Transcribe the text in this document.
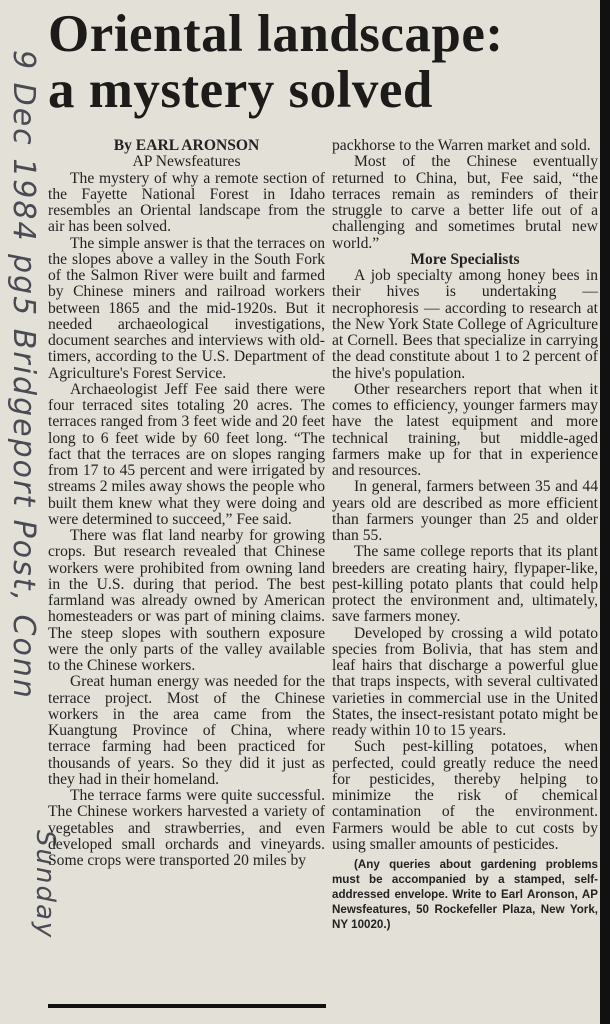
Oriental landscape:
a mystery solved
9 Dec 1984 pg5 Bridgeport Post, Conn
Sunday

By EARL ARONSON

AP Newsfeatures

The mystery of why a remote section of the Fayette National Forest in Idaho resembles an Oriental landscape from the air has been solved.

The simple answer is that the terraces on the slopes above a valley in the South Fork of the Salmon River were built and farmed by Chinese miners and railroad workers between 1865 and the mid-1920s. But it needed archaeological investigations, document searches and interviews with old-timers, according to the U.S. Department of Agriculture's Forest Service.

Archaeologist Jeff Fee said there were four terraced sites totaling 20 acres. The terraces ranged from 3 feet wide and 20 feet long to 6 feet wide by 60 feet long. “The fact that the terraces are on slopes ranging from 17 to 45 percent and were irrigated by streams 2 miles away shows the people who built them knew what they were doing and were determined to succeed,” Fee said.

There was flat land nearby for growing crops. But research revealed that Chinese workers were prohibited from owning land in the U.S. during that period. The best farmland was already owned by American homesteaders or was part of mining claims. The steep slopes with southern exposure were the only parts of the valley available to the Chinese workers.

Great human energy was needed for the terrace project. Most of the Chinese workers in the area came from the Kuangtung Province of China, where terrace farming had been practiced for thousands of years. So they did it just as they had in their homeland.

The terrace farms were quite successful. The Chinese workers harvested a variety of vegetables and strawberries, and even developed small orchards and vineyards. Some crops were transported 20 miles by

packhorse to the Warren market and sold.

Most of the Chinese eventually returned to China, but, Fee said, “the terraces remain as reminders of their struggle to carve a better life out of a challenging and sometimes brutal new world.”

More Specialists

A job specialty among honey bees in their hives is undertaking — necrophoresis — according to research at the New York State College of Agriculture at Cornell. Bees that specialize in carrying the dead constitute about 1 to 2 percent of the hive's population.

Other researchers report that when it comes to efficiency, younger farmers may have the latest equipment and more technical training, but middle-aged farmers make up for that in experience and resources.

In general, farmers between 35 and 44 years old are described as more efficient than farmers younger than 25 and older than 55.

The same college reports that its plant breeders are creating hairy, flypaper-like, pest-killing potato plants that could help protect the environment and, ultimately, save farmers money.

Developed by crossing a wild potato species from Bolivia, that has stem and leaf hairs that discharge a powerful glue that traps inspects, with several cultivated varieties in commercial use in the United States, the insect-resistant potato might be ready within 10 to 15 years.

Such pest-killing potatoes, when perfected, could greatly reduce the need for pesticides, thereby helping to minimize the risk of chemical contamination of the environment. Farmers would be able to cut costs by using smaller amounts of pesticides.

(Any queries about gardening problems must be accompanied by a stamped, self-addressed envelope. Write to Earl Aronson, AP Newsfeatures, 50 Rockefeller Plaza, New York, NY 10020.)
